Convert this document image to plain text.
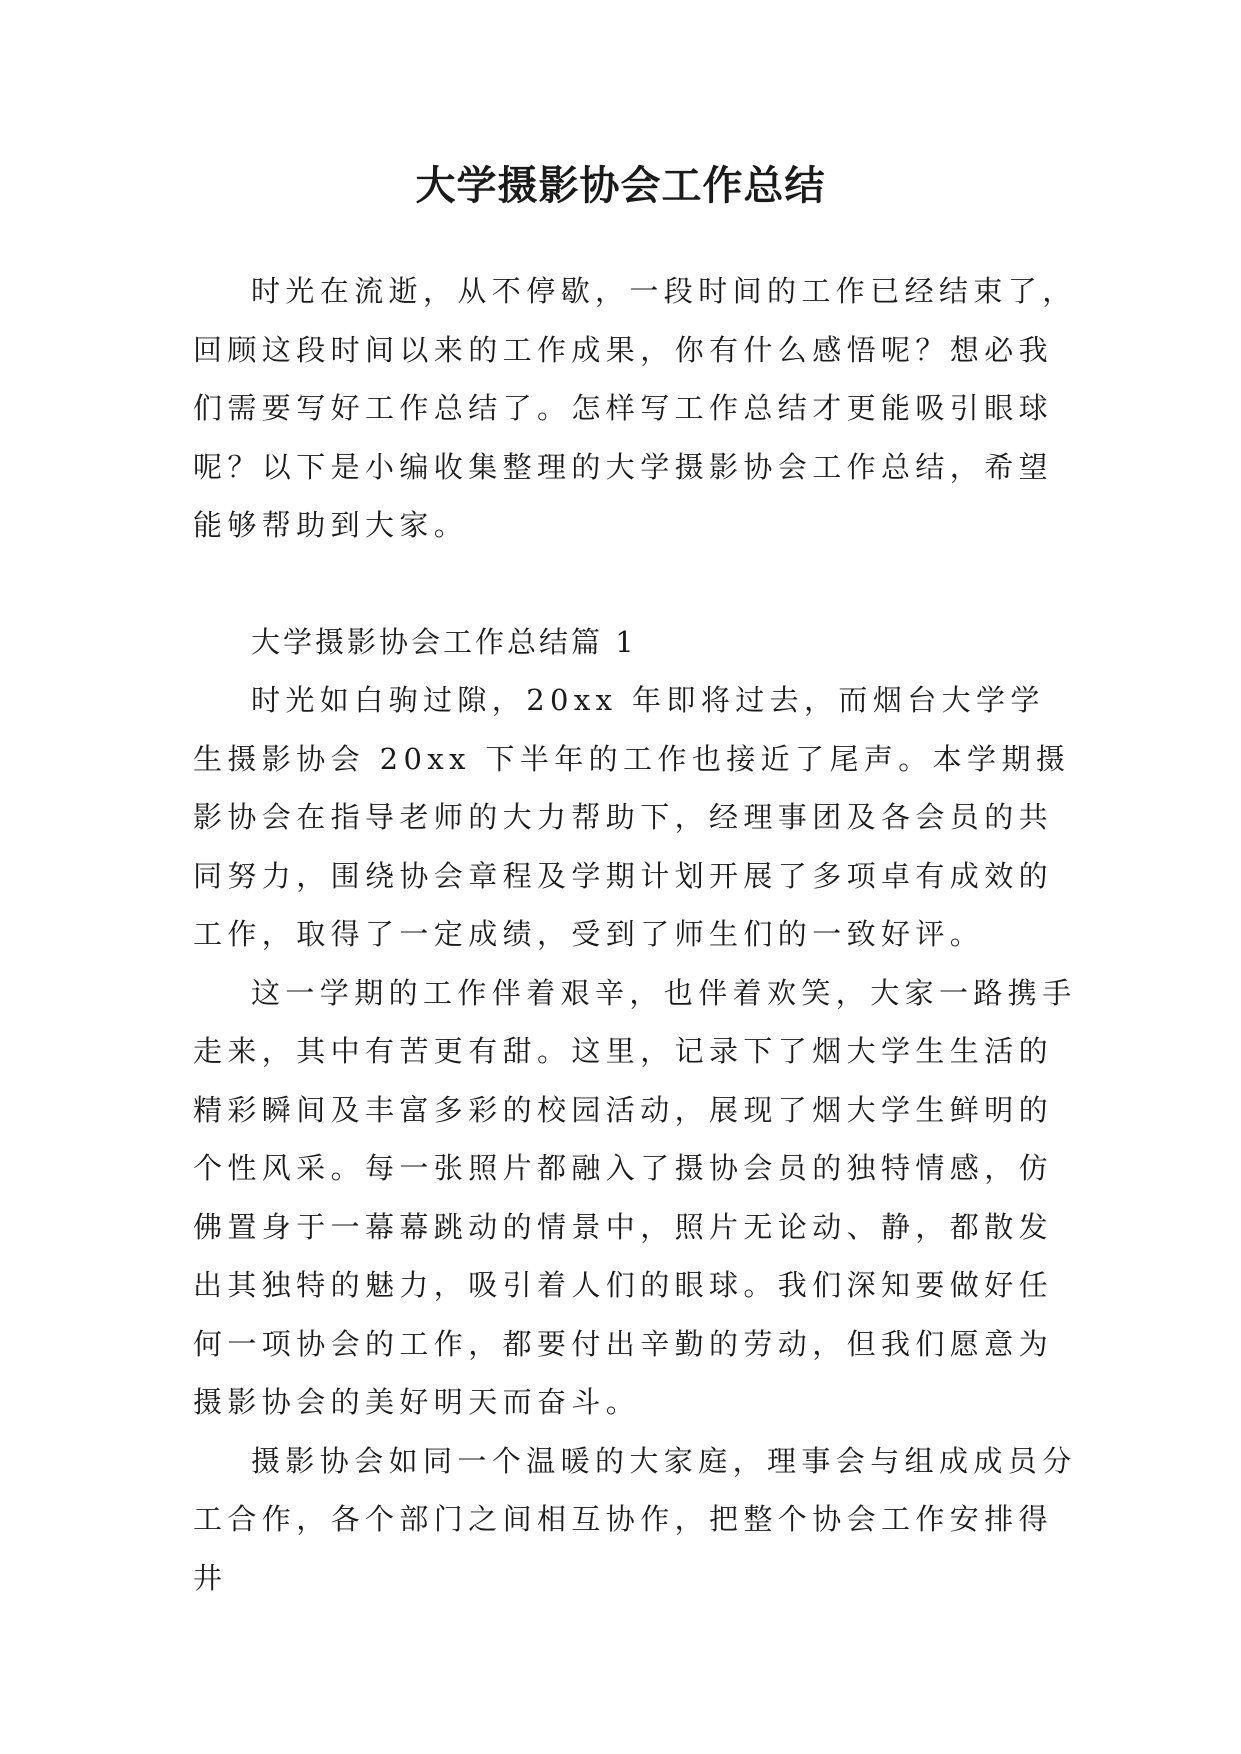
大学摄影协会工作总结

时光在流逝，从不停歇，一段时间的工作已经结束了，回顾这段时间以来的工作成果，你有什么感悟呢？想必我们需要写好工作总结了。怎样写工作总结才更能吸引眼球呢？以下是小编收集整理的大学摄影协会工作总结，希望能够帮助到大家。

大学摄影协会工作总结篇 1

时光如白驹过隙，20xx 年即将过去，而烟台大学学生摄影协会 20xx 下半年的工作也接近了尾声。本学期摄影协会在指导老师的大力帮助下，经理事团及各会员的共同努力，围绕协会章程及学期计划开展了多项卓有成效的工作，取得了一定成绩，受到了师生们的一致好评。

这一学期的工作伴着艰辛，也伴着欢笑，大家一路携手走来，其中有苦更有甜。这里，记录下了烟大学生生活的精彩瞬间及丰富多彩的校园活动，展现了烟大学生鲜明的个性风采。每一张照片都融入了摄协会员的独特情感，仿佛置身于一幕幕跳动的情景中，照片无论动、静，都散发出其独特的魅力，吸引着人们的眼球。我们深知要做好任何一项协会的工作，都要付出辛勤的劳动，但我们愿意为摄影协会的美好明天而奋斗。

摄影协会如同一个温暖的大家庭，理事会与组成成员分工合作，各个部门之间相互协作，把整个协会工作安排得井
